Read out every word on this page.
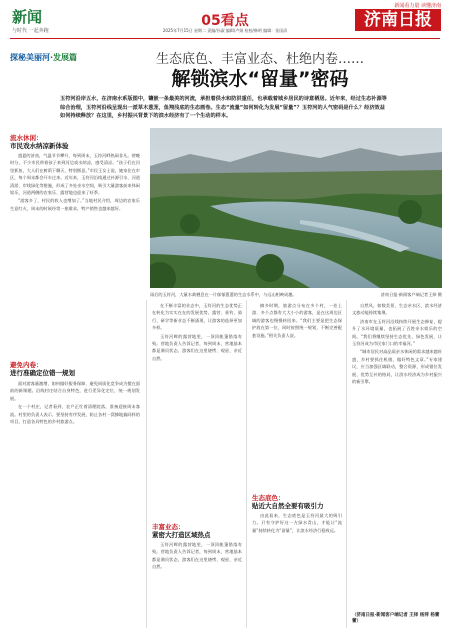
新闻
与时代 一起奔跑
05看点
2025年7月15日 星期二 责编/孙淑 编辑/卢娟 检校/修明 编辑：张国清
新闻看力量 读懂济南
济南日报
探秘美丽河·发展篇	生态底色、丰富业态、杜绝内卷……
解锁滨水“留量”密码
玉符河沿岸五水，在济南水系版图中，镶嵌一条最美的河流，承担着供水和防洪重任，也承载着城乡居民的诗意栖居。近年来，经过生态补源等综合治理，玉符河沿线呈现出一派草木葱茏，鱼翔浅底的生态画卷。生态“流量”如何转化为发展“留量”？玉符河的人气密码是什么？经济效益如何持续释放？在这里，乡村振兴背景下的滨水经济有了一个生动的样本。
雨后的玉符河，大量水禽栖息在一片郁郁葱葱的生态水系中，与远山相映成趣。	济南日报·新闻客户端记者王择 摄
流水休闲：
市民戏水纳凉新体验

盛夏的济南，气温节节攀升，每到周末，玉符河畔热闹非凡。傍晚时分，不少市民带着孩子来到河边戏水纳凉，感受清凉。“孩子们在河里抓鱼，大人们在树荫下聊天，特别惬意。”市民王女士说，她家住在市区，每个周末都会开车过来。近年来，玉符河沿线通过补源引水、河道清淤、岸线绿化等措施，形成了多处亲水空间，吸引大量游客前来休闲娱乐，河道两侧的农家乐、露营地也迎来了旺季。

“游客多了，村民的收入也增加了。”当地村民介绍，周边的农家乐生意红火，周末的时候经常一座难求，特产销售也越来越好。

避免内卷：
进行准确定位错一规划

面对游客量激增，如何做好服务保障、避免同质化竞争成为摆在面前的新课题。沿线村庄结合自身特色，进行差异化定位，统一规划发展。

在一个村庄，记者看到，农户正忙着清理院落，准备迎接周末客流。村里的负责人表示，要坚持有序发展，防止各村一窝蜂地搞同样的项目，打造各具特色的乡村旅游点。

在不断丰富的业态中，玉符河的生态优势正在转化为实实在在的发展优势。露营、垂钓、骑行、研学等新业态不断涌现，让游客的选择更加多样。

玉符河畔的露营地里，一顶顶帐篷错落有致。营地负责人告诉记者，每到周末，营地基本都是满员状态，游客们在这里烧烤、观星、亲近自然。

丰富业态：
紧密大打造区域热点

玉符河畔的露营地里，一顶顶帐篷错落有致。营地负责人告诉记者，每到周末，营地基本都是满员状态，游客们在这里烧烤、观星、亲近自然。

摘多时期，旅游点分布在多个村，一处上游、多个点都有大大小小的游客，是在这周边区域的游客也慢慢转回来。“我们主要是把生态保护放在第一位，同时按照统一规划，不断完善配套设施。”相关负责人说。

生态底色：
贴近大自然全要有吸引力

由此看来，生态底色是玉符河最大的吸引力。只有守护好这一方绿水青山，才能让“流量”持续转化为“留量”，让滨水经济行稳致远。

自然风，如数美景，生态亲水区，滨水经济文旅动能持续集聚。

济南市在玉符河沿线持续开展生态修复，提升了水环境质量，也拓展了百姓亲水娱乐的空间。“我们将继续坚持生态优先、绿色发展，让玉符河成为市民家门口的幸福河。”

“城市居民对高品质亲水休闲的需求越来越旺盛，乡村要抓住机遇，做好特色文章。”专家建议，应当加强区域联动，整合资源，形成错位发展、优势互补的格局，让滨水经济成为乡村振兴的新引擎。

（济南日报·新闻客户端记者 王择 杨萍 杨蕾蕾）
